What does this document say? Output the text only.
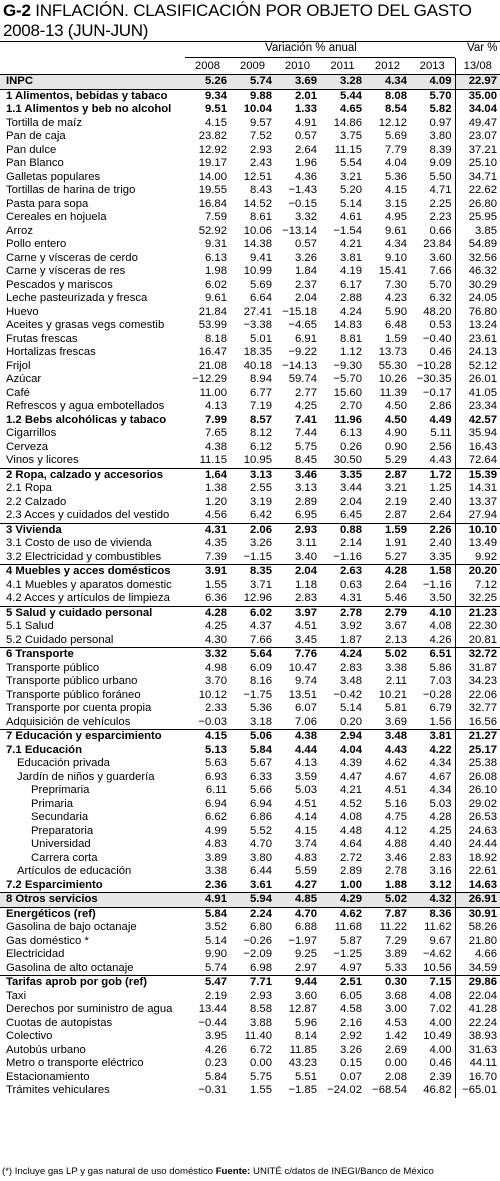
G-2 INFLACIÓN. CLASIFICACIÓN POR OBJETO DEL GASTO
2008-13 (JUN-JUN)
Variación % anual	Var %
	2008	2009	2010	2011	2012	2013	13/08
INPC	5.26	5.74	3.69	3.28	4.34	4.09	22.97
1 Alimentos, bebidas y tabaco	9.34	9.88	2.01	5.44	8.08	5.70	35.00
1.1 Alimentos y beb no alcohol	9.51	10.04	1.33	4.65	8.54	5.82	34.04
Tortilla de maíz	4.15	9.57	4.91	14.86	12.12	0.97	49.47
Pan de caja	23.82	7.52	0.57	3.75	5.69	3.80	23.07
Pan dulce	12.92	2.93	2.64	11.15	7.79	8.39	37.21
Pan Blanco	19.17	2.43	1.96	5.54	4.04	9.09	25.10
Galletas populares	14.00	12.51	4.36	3.21	5.36	5.50	34.71
Tortillas de harina de trigo	19.55	8.43	−1.43	5.20	4.15	4.71	22.62
Pasta para sopa	16.84	14.52	−0.15	5.14	3.15	2.25	26.80
Cereales en hojuela	7.59	8.61	3.32	4.61	4.95	2.23	25.95
Arroz	52.92	10.06	−13.14	−1.54	9.61	0.66	3.85
Pollo entero	9.31	14.38	0.57	4.21	4.34	23.84	54.89
Carne y vísceras de cerdo	6.13	9.41	3.26	3.81	9.10	3.60	32.56
Carne y vísceras de res	1.98	10.99	1.84	4.19	15.41	7.66	46.32
Pescados y mariscos	6.02	5.69	2.37	6.17	7.30	5.70	30.29
Leche pasteurizada y fresca	9.61	6.64	2.04	2.88	4.23	6.32	24.05
Huevo	21.84	27.41	−15.18	4.24	5.90	48.20	76.80
Aceites y grasas vegs comestib	53.99	−3.38	−4.65	14.83	6.48	0.53	13.24
Frutas frescas	8.18	5.01	6.91	8.81	1.59	−0.40	23.61
Hortalizas frescas	16.47	18.35	−9.22	1.12	13.73	0.46	24.13
Frijol	21.08	40.18	−14.13	−9.30	55.30	−10.28	52.12
Azúcar	−12.29	8.94	59.74	−5.70	10.26	−30.35	26.01
Café	11.00	6.77	2.77	15.60	11.39	−0.17	41.05
Refrescos y agua embotellados	4.13	7.19	4.25	2.70	4.50	2.86	23.34
1.2 Bebs alcohólicas y tabaco	7.99	8.57	7.41	11.96	4.50	4.49	42.57
Cigarrillos	7.65	8.12	7.44	6.13	4.90	5.11	35.94
Cerveza	4.38	6.12	5.75	0.26	0.90	2.56	16.43
Vinos y licores	11.15	10.95	8.45	30.50	5.29	4.43	72.64
2 Ropa, calzado y accesorios	1.64	3.13	3.46	3.35	2.87	1.72	15.39
2.1 Ropa	1.38	2.55	3.13	3.44	3.21	1.25	14.31
2.2 Calzado	1.20	3.19	2.89	2.04	2.19	2.40	13.37
2.3 Acces y cuidados del vestido	4.56	6.42	6.95	6.45	2.87	2.64	27.94
3 Vivienda	4.31	2.06	2.93	0.88	1.59	2.26	10.10
3.1 Costo de uso de vivienda	4.35	3.26	3.11	2.14	1.91	2.40	13.49
3.2 Electricidad y combustibles	7.39	−1.15	3.40	−1.16	5.27	3.35	9.92
4 Muebles y acces domésticos	3.91	8.35	2.04	2.63	4.28	1.58	20.20
4.1 Muebles y aparatos domestic	1.55	3.71	1.18	0.63	2.64	−1.16	7.12
4.2 Acces y artículos de limpieza	6.36	12.96	2.83	4.31	5.46	3.50	32.25
5 Salud y cuidado personal	4.28	6.02	3.97	2.78	2.79	4.10	21.23
5.1 Salud	4.25	4.37	4.51	3.92	3.67	4.08	22.30
5.2 Cuidado personal	4.30	7.66	3.45	1.87	2.13	4.26	20.81
6 Transporte	3.32	5.64	7.76	4.24	5.02	6.51	32.72
Transporte público	4.98	6.09	10.47	2.83	3.38	5.86	31.87
Transporte público urbano	3.70	8.16	9.74	3.48	2.11	7.03	34.23
Transporte público foráneo	10.12	−1.75	13.51	−0.42	10.21	−0.28	22.06
Transporte por cuenta propia	2.33	5.36	6.07	5.14	5.81	6.79	32.77
Adquisición de vehículos	−0.03	3.18	7.06	0.20	3.69	1.56	16.56
7 Educación y esparcimiento	4.15	5.06	4.38	2.94	3.48	3.81	21.27
7.1 Educación	5.13	5.84	4.44	4.04	4.43	4.22	25.17
Educación privada	5.63	5.67	4.13	4.39	4.62	4.34	25.38
Jardín de niños y guardería	6.93	6.33	3.59	4.47	4.67	4.67	26.08
Preprimaria	6.11	5.66	5.03	4.21	4.51	4.34	26.10
Primaria	6.94	6.94	4.51	4.52	5.16	5.03	29.02
Secundaria	6.62	6.86	4.14	4.08	4.75	4.28	26.53
Preparatoria	4.99	5.52	4.15	4.48	4.12	4.25	24.63
Universidad	4.83	4.70	3.74	4.64	4.88	4.40	24.44
Carrera corta	3.89	3.80	4.83	2.72	3.46	2.83	18.92
Artículos de educación	3.38	6.44	5.59	2.89	2.78	3.16	22.61
7.2 Esparcimiento	2.36	3.61	4.27	1.00	1.88	3.12	14.63
8 Otros servicios	4.91	5.94	4.85	4.29	5.02	4.32	26.91
Energéticos (ref)	5.84	2.24	4.70	4.62	7.87	8.36	30.91
Gasolina de bajo octanaje	3.52	6.80	6.88	11.68	11.22	11.62	58.26
Gas doméstico *	5.14	−0.26	−1.97	5.87	7.29	9.67	21.80
Electricidad	9.90	−2.09	9.25	−1.25	3.89	−4.62	4.66
Gasolina de alto octanaje	5.74	6.98	2.97	4.97	5.33	10.56	34.59
Tarifas aprob por gob (ref)	5.47	7.71	9.44	2.51	0.30	7.15	29.86
Taxi	2.19	2.93	3.60	6.05	3.68	4.08	22.04
Derechos por suministro de agua	13.44	8.58	12.87	4.58	3.00	7.02	41.28
Cuotas de autopistas	−0.44	3.88	5.96	2.16	4.53	4.00	22.24
Colectivo	3.95	11.40	8.14	2.92	1.42	10.49	38.93
Autobús urbano	4.26	6.72	11.85	3.26	2.69	4.00	31.63
Metro o transporte eléctrico	0.23	0.00	43.23	0.15	0.00	0.46	44.11
Estacionamiento	5.84	5.75	5.51	0.07	2.08	2.39	16.70
Trámites vehiculares	−0.31	1.55	−1.85	−24.02	−68.54	46.82	−65.01
(*) Incluye gas LP y gas natural de uso doméstico Fuente: UNITÉ c/datos de INEGI/Banco de México
